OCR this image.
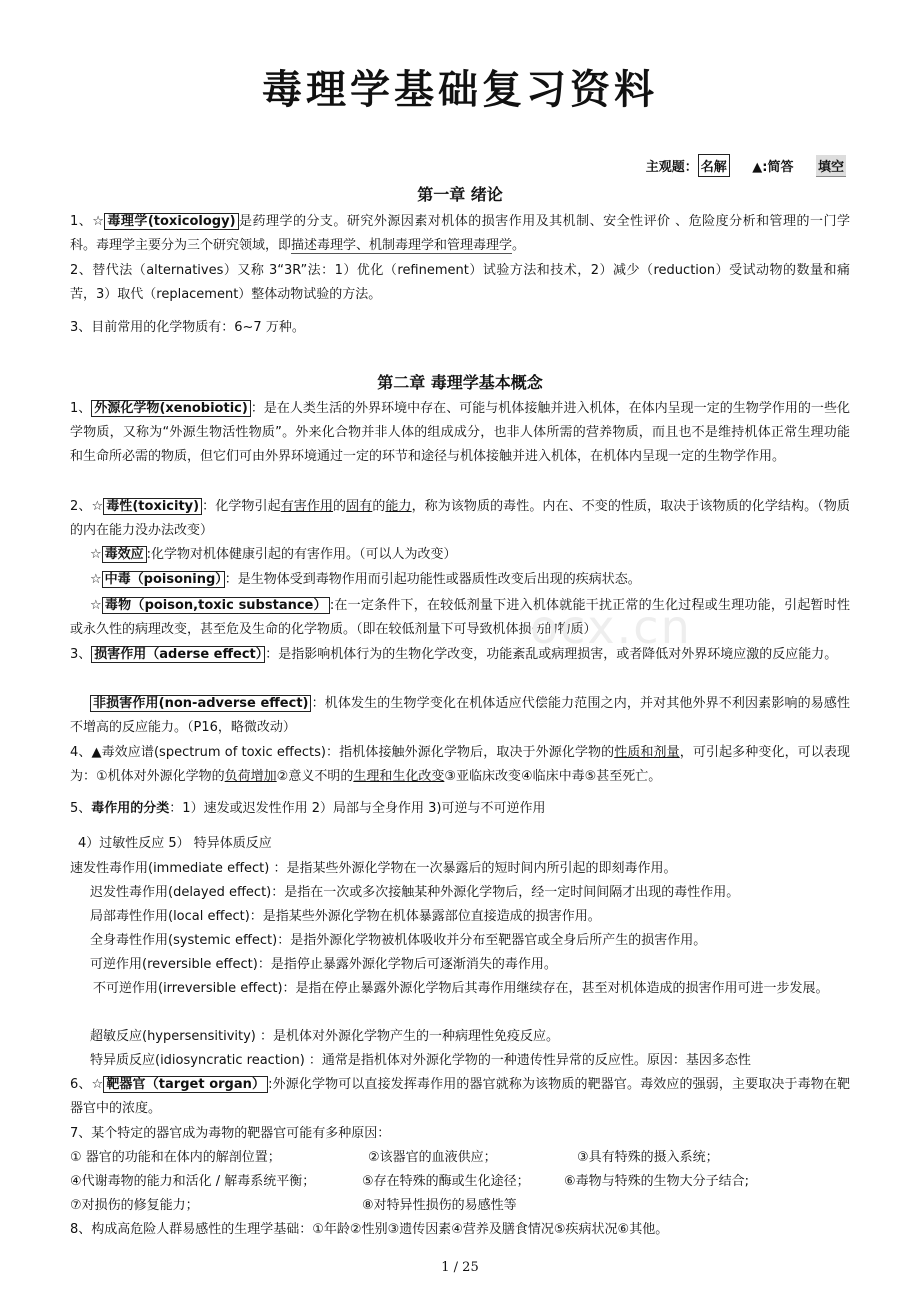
毒理学基础复习资料
主观题： 名解 ▲:简答 填空
第一章 绪论
1、☆ 毒理学(toxicology) 是药理学的分支。研究外源因素对机体的损害作用及其机制、安全性评价 、危险度分析和管理的一门学科。毒理学主要分为三个研究领域，即描述毒理学、机制毒理学和管理毒理学。
2、替代法（alternatives）又称 3“3R”法：1）优化（refinement）试验方法和技术，2）减少（reduction）受试动物的数量和痛苦，3）取代（replacement）整体动物试验的方法。
3、目前常用的化学物质有：6~7 万种。
第二章 毒理学基本概念
1、 外源化学物(xenobiotic) ：是在人类生活的外界环境中存在、可能与机体接触并进入机体，在体内呈现一定的生物学作用的一些化学物质，又称为“外源生物活性物质”。外来化合物并非人体的组成成分，也非人体所需的营养物质，而且也不是维持机体正常生理功能和生命所必需的物质，但它们可由外界环境通过一定的环节和途径与机体接触并进入机体，在机体内呈现一定的生物学作用。
2、☆ 毒性(toxicity) ：化学物引起有害作用的固有的能力，称为该物质的毒性。内在、不变的性质，取决于该物质的化学结构。（物质的内在能力没办法改变）
☆ 毒效应 :化学物对机体健康引起的有害作用。（可以人为改变）
☆ 中毒（poisoning） ：是生物体受到毒物作用而引起功能性或器质性改变后出现的疾病状态。
☆ 毒物（poison,toxic substance） :在一定条件下，在较低剂量下进入机体就能干扰正常的生化过程或生理功能，引起暂时性或永久性的病理改变，甚至危及生命的化学物质。（即在较低剂量下可导致机体损伤的物质）
3、 损害作用（aderse effect） ：是指影响机体行为的生物化学改变，功能紊乱或病理损害，或者降低对外界环境应激的反应能力。
非损害作用(non-adverse effect) ：机体发生的生物学变化在机体适应代偿能力范围之内，并对其他外界不利因素影响的易感性不增高的反应能力。（P16，略微改动）
4、▲毒效应谱(spectrum of toxic effects)：指机体接触外源化学物后，取决于外源化学物的性质和剂量，可引起多种变化，可以表现为：①机体对外源化学物的负荷增加②意义不明的生理和生化改变③亚临床改变④临床中毒⑤甚至死亡。
5、毒作用的分类：1）速发或迟发性作用 2）局部与全身作用 3)可逆与不可逆作用
4）过敏性反应 5） 特异体质反应
速发性毒作用(immediate effect) ：是指某些外源化学物在一次暴露后的短时间内所引起的即刻毒作用。
迟发性毒作用(delayed effect)：是指在一次或多次接触某种外源化学物后，经一定时间间隔才出现的毒性作用。
局部毒性作用(local effect)：是指某些外源化学物在机体暴露部位直接造成的损害作用。
全身毒性作用(systemic effect)：是指外源化学物被机体吸收并分布至靶器官或全身后所产生的损害作用。
可逆作用(reversible effect)：是指停止暴露外源化学物后可逐渐消失的毒作用。
不可逆作用(irreversible effect)：是指在停止暴露外源化学物后其毒作用继续存在，甚至对机体造成的损害作用可进一步发展。
超敏反应(hypersensitivity) ：是机体对外源化学物产生的一种病理性免疫反应。
特异质反应(idiosyncratic reaction) ：通常是指机体对外源化学物的一种遗传性异常的反应性。原因：基因多态性
6、☆ 靶器官（target organ） :外源化学物可以直接发挥毒作用的器官就称为该物质的靶器官。毒效应的强弱，主要取决于毒物在靶器官中的浓度。
7、某个特定的器官成为毒物的靶器官可能有多种原因：
① 器官的功能和在体内的解剖位置；	②该器官的血液供应；	③具有特殊的摄入系统；
④代谢毒物的能力和活化 / 解毒系统平衡；	⑤存在特殊的酶或生化途径；	⑥毒物与特殊的生物大分子结合;
⑦对损伤的修复能力；	⑧对特异性损伤的易感性等
8、构成高危险人群易感性的生理学基础：①年龄②性别③遗传因素④营养及膳食情况⑤疾病状况⑥其他。
ocx.cn
1 / 25
